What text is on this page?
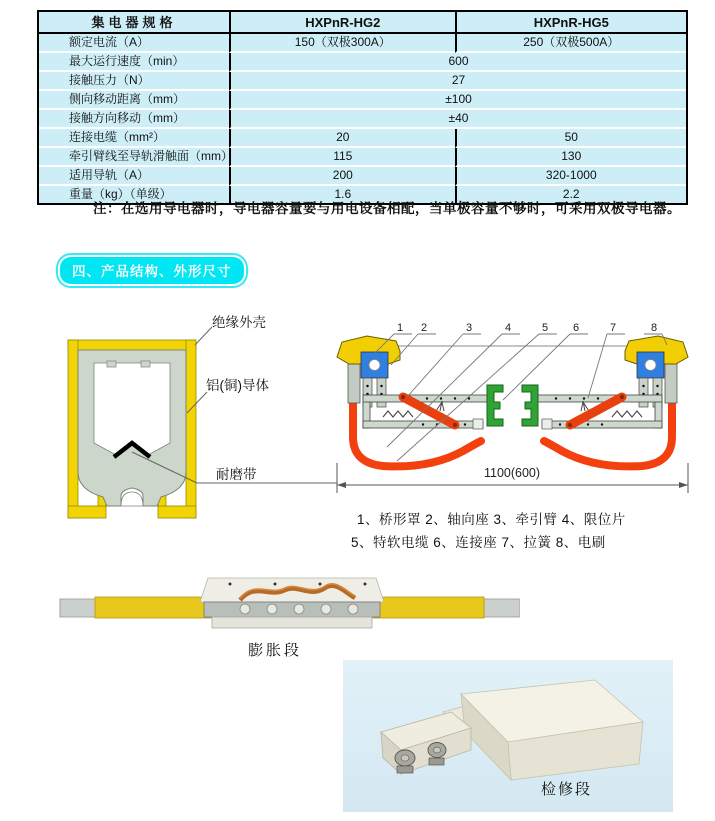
集电器规格	HXPnR-HG2	HXPnR-HG5
额定电流（A）	150（双极300A）	250（双极500A）
最大运行速度（min）	600	
接触压力（N）	27	
侧向移动距离（mm）	±100	
接触方向移动（mm）	±40	
连接电缆（mm²）	20	50
牵引臂线至导轨滑触面（mm）	115	130
适用导轨（A）	200	320-1000
重量（kg）（单级）	1.6	2.2
注：在选用导电器时，导电器容量要与用电设备相配，当单极容量不够时，可采用双极导电器。
四、产品结构、外形尺寸
绝缘外壳
铝(铜)导体
耐磨带
1 2	3	4	5 6	7	8
1100(600)
1、桥形罩 2、轴向座 3、牵引臂 4、限位片
5、特软电缆 6、连接座 7、拉簧 8、电刷
膨胀段
检修段
